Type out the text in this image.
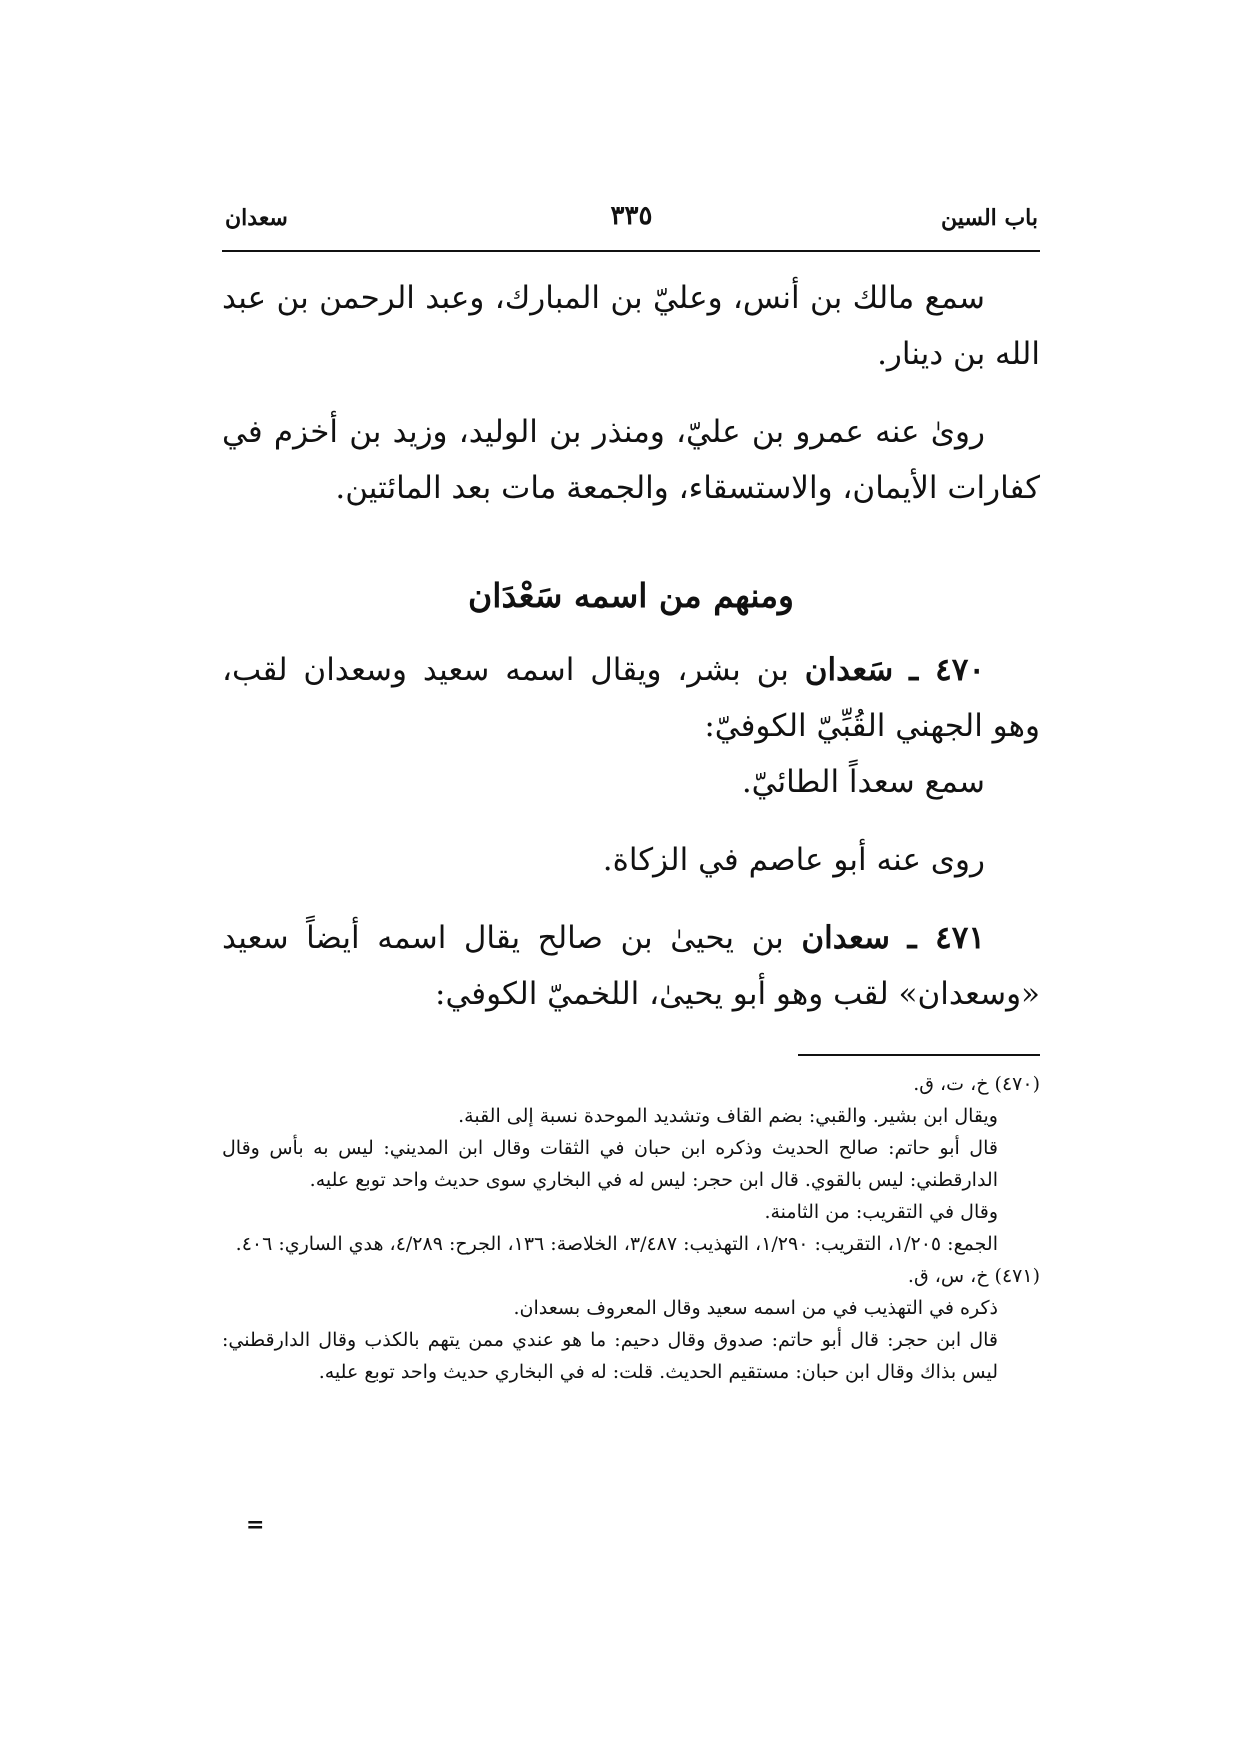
باب السين
٣٣٥
سعدان

سمع مالك بن أنس، وعليّ بن المبارك، وعبد الرحمن بن عبد الله بن دينار.

روىٰ عنه عمرو بن عليّ، ومنذر بن الوليد، وزيد بن أخزم في كفارات الأيمان، والاستسقاء، والجمعة مات بعد المائتين.

ومنهم من اسمه سَعْدَان

٤٧٠ ـ سَعدان بن بشر، ويقال اسمه سعيد وسعدان لقب، وهو الجهني القُبِّيّ الكوفيّ:

سمع سعداً الطائيّ.

روى عنه أبو عاصم في الزكاة.

٤٧١ ـ سعدان بن يحيىٰ بن صالح يقال اسمه أيضاً سعيد «وسعدان» لقب وهو أبو يحيىٰ، اللخميّ الكوفي:

(٤٧٠) خ، ت، ق.

ويقال ابن بشير. والقبي: بضم القاف وتشديد الموحدة نسبة إلى القبة.

قال أبو حاتم: صالح الحديث وذكره ابن حبان في الثقات وقال ابن المديني: ليس به بأس وقال الدارقطني: ليس بالقوي. قال ابن حجر: ليس له في البخاري سوى حديث واحد توبع عليه.

وقال في التقريب: من الثامنة.

الجمع: ١/٢٠٥، التقريب: ١/٢٩٠، التهذيب: ٣/٤٨٧، الخلاصة: ١٣٦، الجرح: ٤/٢٨٩، هدي الساري: ٤٠٦.

(٤٧١) خ، س، ق.

ذكره في التهذيب في من اسمه سعيد وقال المعروف بسعدان.

قال ابن حجر: قال أبو حاتم: صدوق وقال دحيم: ما هو عندي ممن يتهم بالكذب وقال الدارقطني: ليس بذاك وقال ابن حبان: مستقيم الحديث. قلت: له في البخاري حديث واحد توبع عليه.

=
